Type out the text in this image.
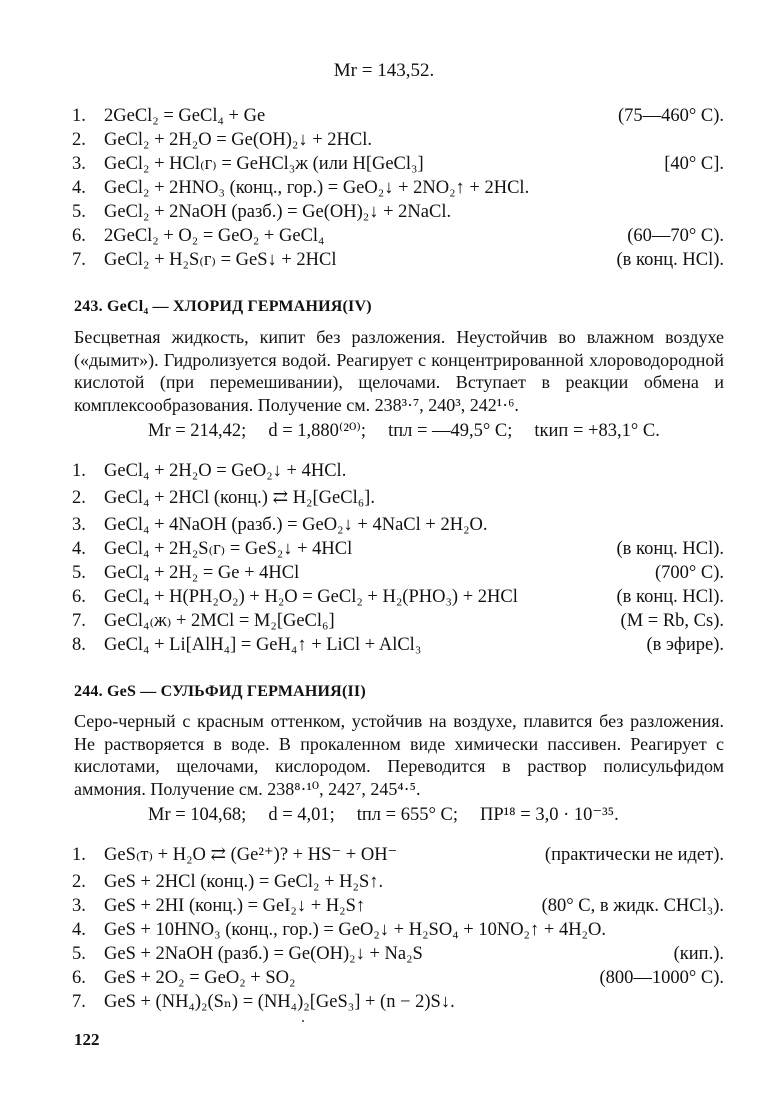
Mr = 143,52.
1. 2GeCl₂ = GeCl₄ + Ge	(75—460° C).
2. GeCl₂ + 2H₂O = Ge(OH)₂↓ + 2HCl.
3. GeCl₂ + HCl₍г₎ = GeHCl₃ж (или H[GeCl₃]	[40° C].
4. GeCl₂ + 2HNO₃ (конц., гор.) = GeO₂↓ + 2NO₂↑ + 2HCl.
5. GeCl₂ + 2NaOH (разб.) = Ge(OH)₂↓ + 2NaCl.
6. 2GeCl₂ + O₂ = GeO₂ + GeCl₄	(60—70° C).
7. GeCl₂ + H₂S₍г₎ = GeS↓ + 2HCl	(в конц. HCl).
243. GeCl₄ — ХЛОРИД ГЕРМАНИЯ(IV)
Бесцветная жидкость, кипит без разложения. Неустойчив во влажном воздухе («дымит»). Гидролизуется водой. Реагирует с концентрированной хлороводородной кислотой (при перемешивании), щелочами. Вступает в реакции обмена и комплексообразования. Получение см. 238³·⁷, 240³, 242¹·⁶.
Mr = 214,42; d = 1,880⁽²⁰⁾; tпл = —49,5° C; tкип = +83,1° C.
1. GeCl₄ + 2H₂O = GeO₂↓ + 4HCl.
2. GeCl₄ + 2HCl (конц.) ⇄ H₂[GeCl₆].
3. GeCl₄ + 4NaOH (разб.) = GeO₂↓ + 4NaCl + 2H₂O.
4. GeCl₄ + 2H₂S₍г₎ = GeS₂↓ + 4HCl	(в конц. HCl).
5. GeCl₄ + 2H₂ = Ge + 4HCl	(700° C).
6. GeCl₄ + H(PH₂O₂) + H₂O = GeCl₂ + H₂(PHO₃) + 2HCl	(в конц. HCl).
7. GeCl₄₍ж₎ + 2MCl = M₂[GeCl₆]	(M = Rb, Cs).
8. GeCl₄ + Li[AlH₄] = GeH₄↑ + LiCl + AlCl₃	(в эфире).
244. GeS — СУЛЬФИД ГЕРМАНИЯ(II)
Серо-черный с красным оттенком, устойчив на воздухе, плавится без разложения. Не растворяется в воде. В прокаленном виде химически пассивен. Реагирует с кислотами, щелочами, кислородом. Переводится в раствор полисульфидом аммония. Получение см. 238⁸·¹⁰, 242⁷, 245⁴·⁵.
Mr = 104,68; d = 4,01; tпл = 655° C; ПР¹⁸ = 3,0 · 10⁻³⁵.
1. GeS₍т₎ + H₂O ⇄ (Ge²⁺)? + HS⁻ + OH⁻	(практически не идет).
2. GeS + 2HCl (конц.) = GeCl₂ + H₂S↑.
3. GeS + 2HI (конц.) = GeI₂↓ + H₂S↑	(80° C, в жидк. CHCl₃).
4. GeS + 10HNO₃ (конц., гор.) = GeO₂↓ + H₂SO₄ + 10NO₂↑ + 4H₂O.
5. GeS + 2NaOH (разб.) = Ge(OH)₂↓ + Na₂S	(кип.).
6. GeS + 2O₂ = GeO₂ + SO₂	(800—1000° C).
7. GeS + (NH₄)₂(Sₙ) = (NH₄)₂[GeS₃] + (n − 2)S↓.
122
